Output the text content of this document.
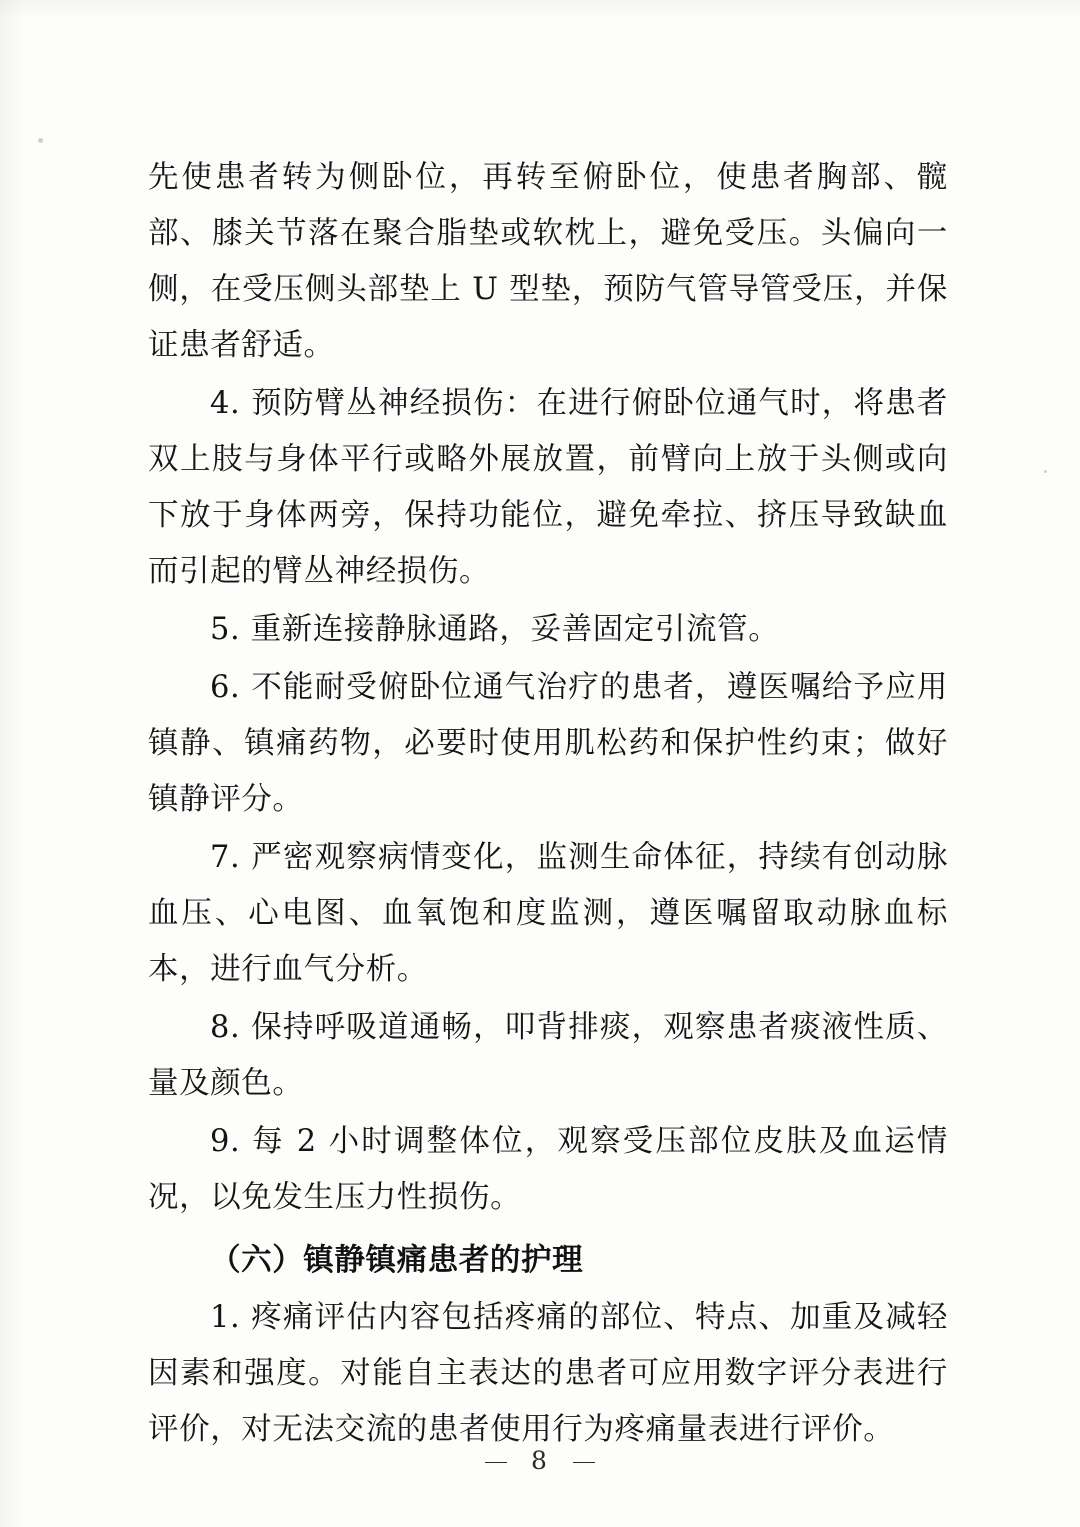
先使患者转为侧卧位，再转至俯卧位，使患者胸部、髋部、膝关节落在聚合脂垫或软枕上，避免受压。头偏向一侧，在受压侧头部垫上 U 型垫，预防气管导管受压，并保证患者舒适。

4. 预防臂丛神经损伤：在进行俯卧位通气时，将患者双上肢与身体平行或略外展放置，前臂向上放于头侧或向下放于身体两旁，保持功能位，避免牵拉、挤压导致缺血而引起的臂丛神经损伤。

5. 重新连接静脉通路，妥善固定引流管。

6. 不能耐受俯卧位通气治疗的患者，遵医嘱给予应用镇静、镇痛药物，必要时使用肌松药和保护性约束；做好镇静评分。

7. 严密观察病情变化，监测生命体征，持续有创动脉血压、心电图、血氧饱和度监测，遵医嘱留取动脉血标本，进行血气分析。

8. 保持呼吸道通畅，叩背排痰，观察患者痰液性质、量及颜色。

9. 每 2 小时调整体位，观察受压部位皮肤及血运情况，以免发生压力性损伤。

（六）镇静镇痛患者的护理

1. 疼痛评估内容包括疼痛的部位、特点、加重及减轻因素和强度。对能自主表达的患者可应用数字评分表进行评价，对无法交流的患者使用行为疼痛量表进行评价。

8
